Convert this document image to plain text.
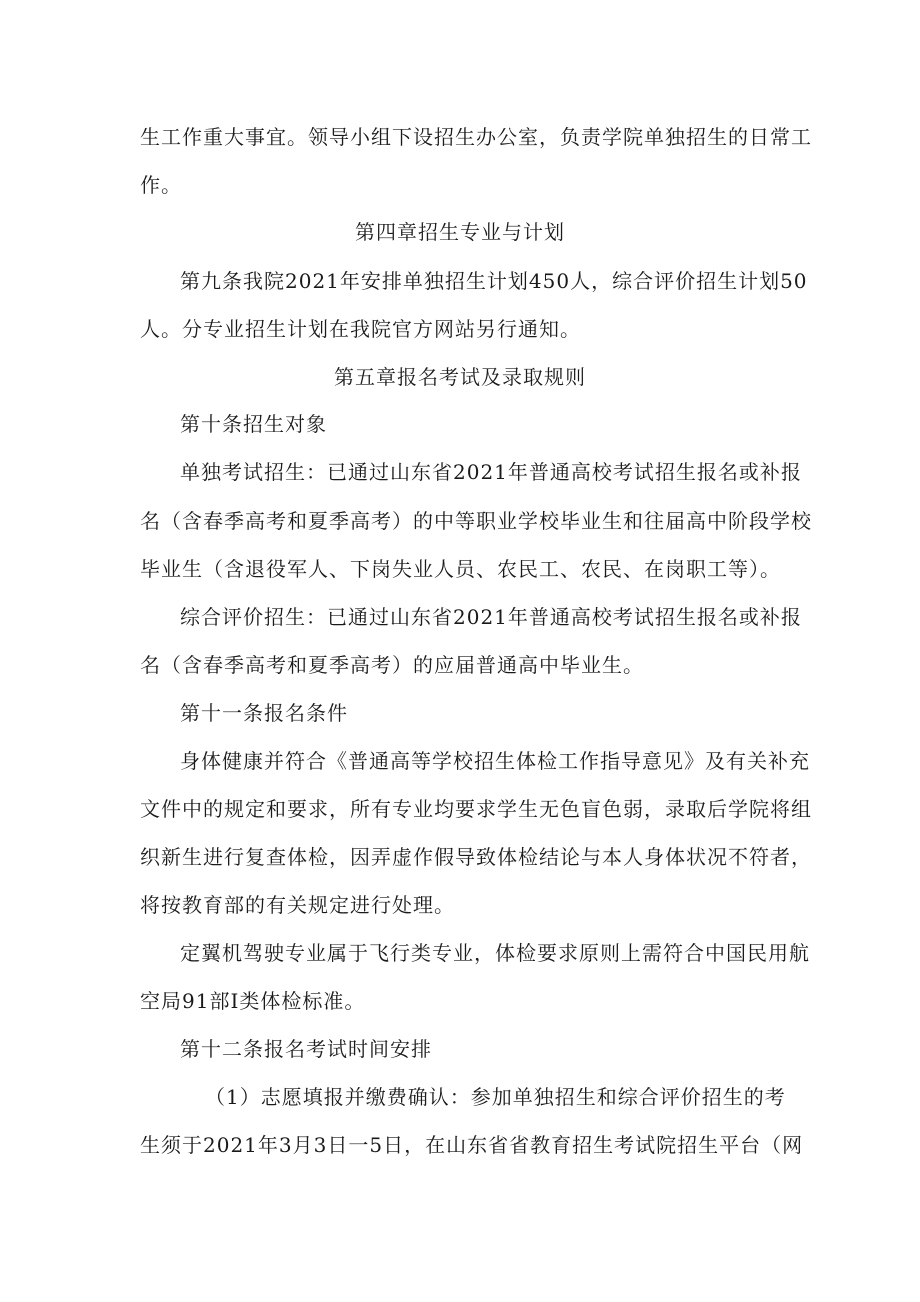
生工作重大事宜。领导小组下设招生办公室，负责学院单独招生的日常工
作。
第四章招生专业与计划
第九条我院2021年安排单独招生计划450人，综合评价招生计划50
人。分专业招生计划在我院官方网站另行通知。
第五章报名考试及录取规则
第十条招生对象
单独考试招生：已通过山东省2021年普通高校考试招生报名或补报
名（含春季高考和夏季高考）的中等职业学校毕业生和往届高中阶段学校
毕业生（含退役军人、下岗失业人员、农民工、农民、在岗职工等）。
综合评价招生：已通过山东省2021年普通高校考试招生报名或补报
名（含春季高考和夏季高考）的应届普通高中毕业生。
第十一条报名条件
身体健康并符合《普通高等学校招生体检工作指导意见》及有关补充
文件中的规定和要求，所有专业均要求学生无色盲色弱，录取后学院将组
织新生进行复查体检，因弄虚作假导致体检结论与本人身体状况不符者，
将按教育部的有关规定进行处理。
定翼机驾驶专业属于飞行类专业，体检要求原则上需符合中国民用航
空局91部Ⅰ类体检标准。
第十二条报名考试时间安排
（1）志愿填报并缴费确认：参加单独招生和综合评价招生的考
生须于2021年3月3日一5日，在山东省省教育招生考试院招生平台（网
